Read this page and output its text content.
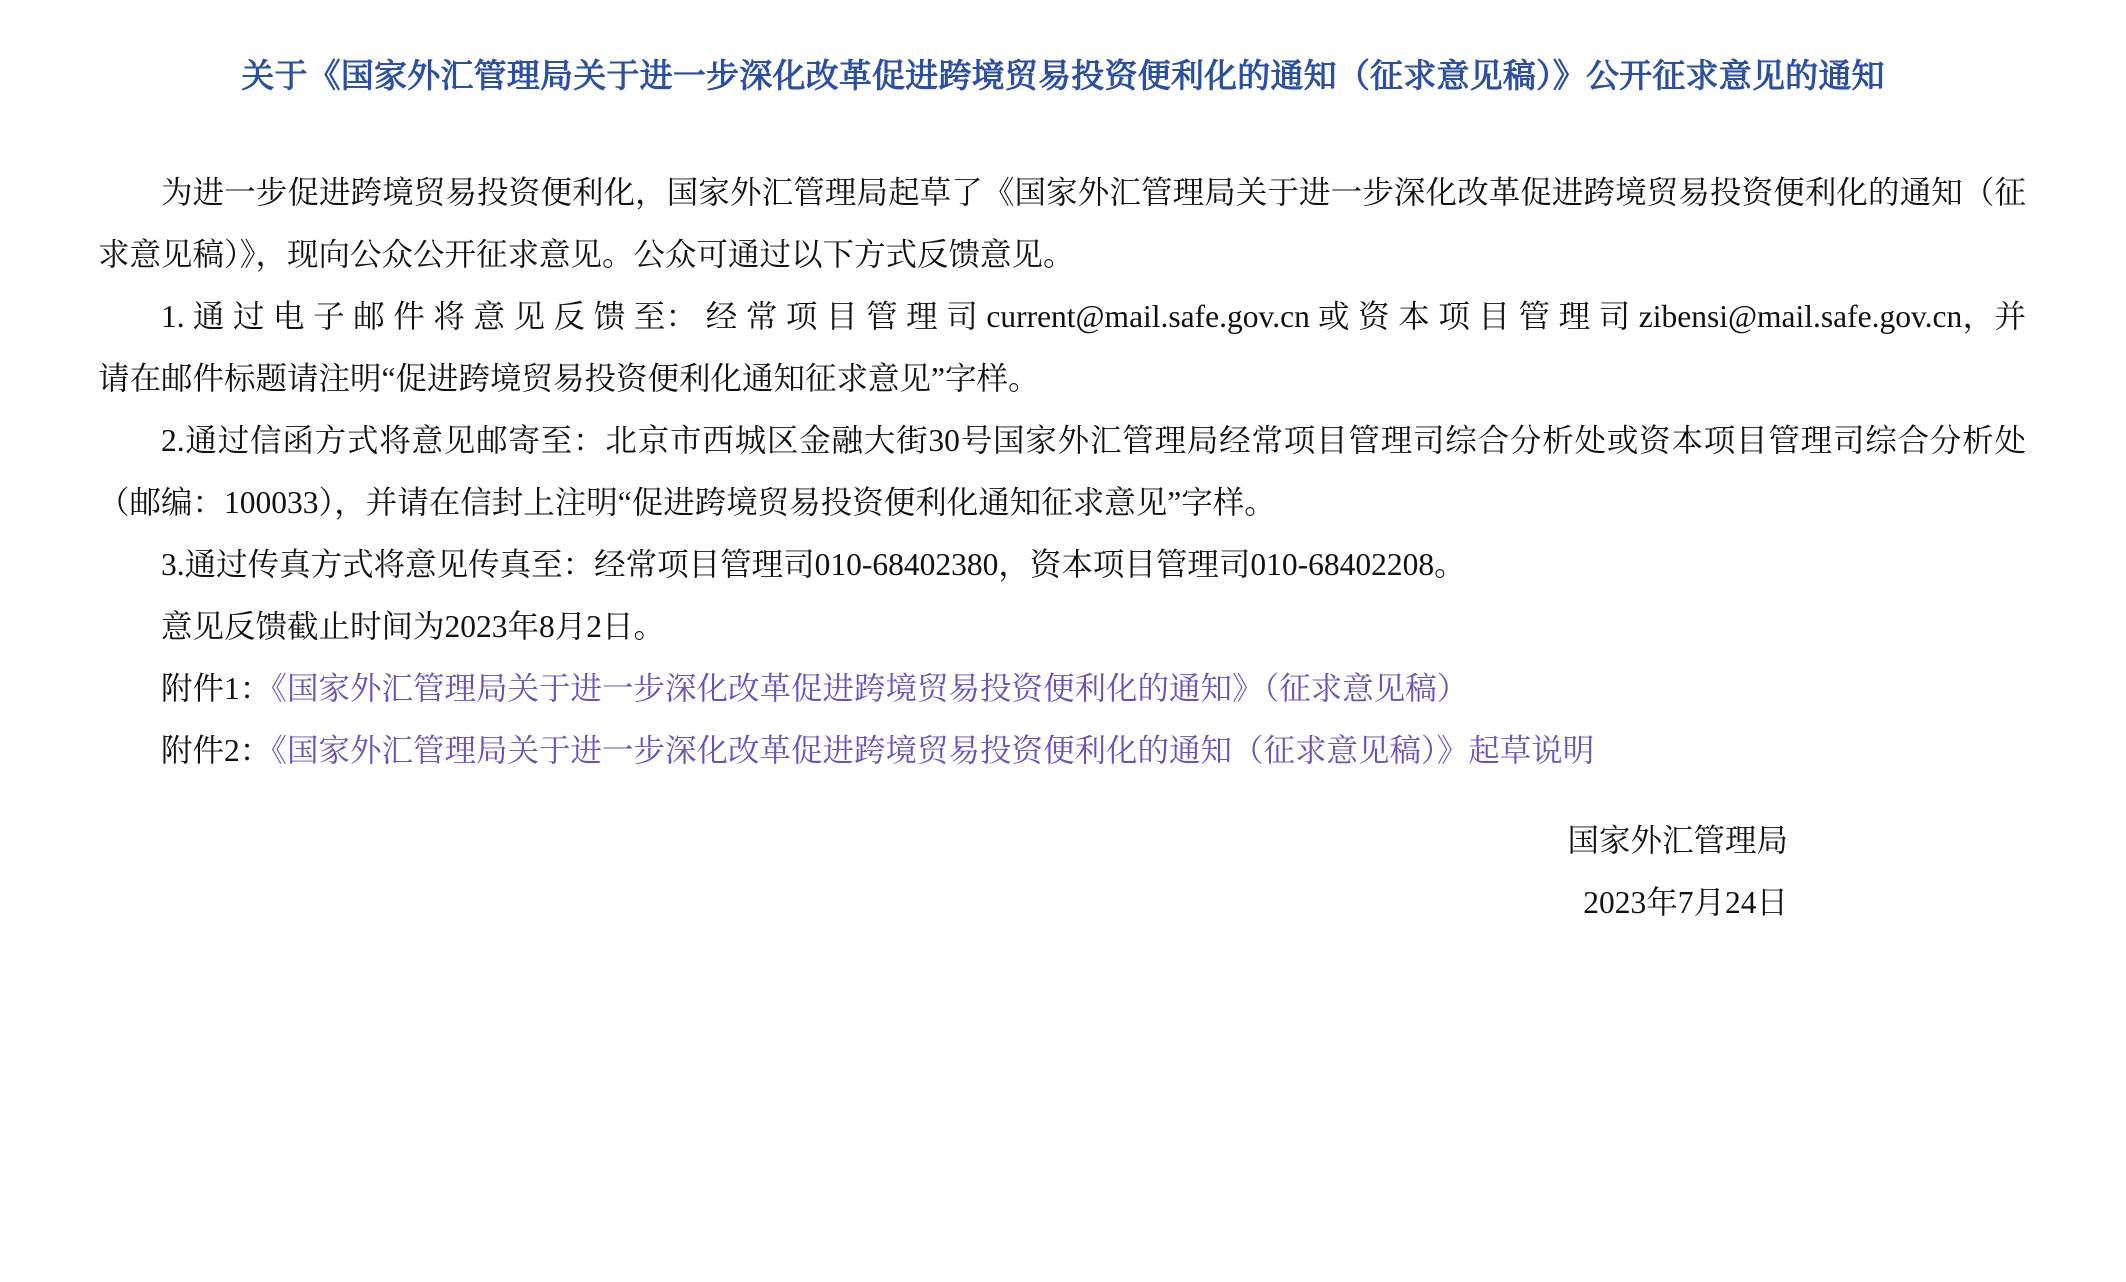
关于《国家外汇管理局关于进一步深化改革促进跨境贸易投资便利化的通知（征求意见稿）》公开征求意见的通知

为进一步促进跨境贸易投资便利化，国家外汇管理局起草了《国家外汇管理局关于进一步深化改革促进跨境贸易投资便利化的通知（征求意见稿）》，现向公众公开征求意见。公众可通过以下方式反馈意见。

1. 通 过 电 子 邮 件 将 意 见 反 馈 至： 经 常 项 目 管 理 司 current@mail.safe.gov.cn 或 资 本 项 目 管 理 司 zibensi@mail.safe.gov.cn，并请在邮件标题请注明“促进跨境贸易投资便利化通知征求意见”字样。

2.通过信函方式将意见邮寄至：北京市西城区金融大街30号国家外汇管理局经常项目管理司综合分析处或资本项目管理司综合分析处（邮编：100033），并请在信封上注明“促进跨境贸易投资便利化通知征求意见”字样。

3.通过传真方式将意见传真至：经常项目管理司010-68402380，资本项目管理司010-68402208。

意见反馈截止时间为2023年8月2日。

附件1：《国家外汇管理局关于进一步深化改革促进跨境贸易投资便利化的通知》（征求意见稿）

附件2：《国家外汇管理局关于进一步深化改革促进跨境贸易投资便利化的通知（征求意见稿）》起草说明

国家外汇管理局
2023年7月24日
